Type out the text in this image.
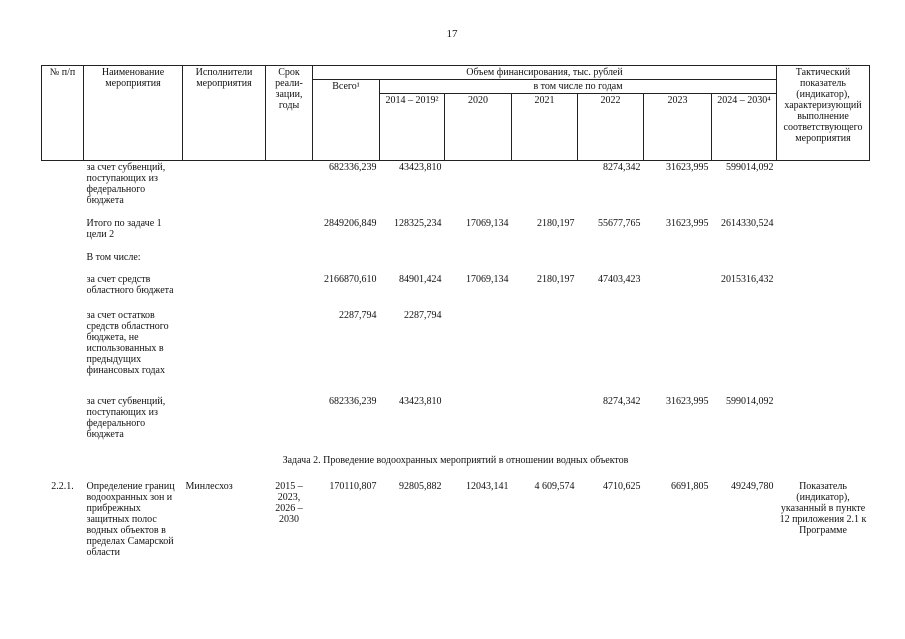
17
№ п/п	Наименование мероприятия	Исполнители мероприятия	Срок реали- зации, годы	Объем финансирования, тыс. рублей							Тактический показатель (индикатор), характеризующий выполнение соответствующего мероприятия
				Всего¹	в том числе по годам						
					2014 – 2019²	2020	2021	2022	2023	2024 – 2030⁴	
	за счет субвенций, поступающих из федерального бюджета			682336,239	43423,810			8274,342	31623,995	599014,092	
	Итого по задаче 1 цели 2			2849206,849	128325,234	17069,134	2180,197	55677,765	31623,995	2614330,524	
	В том числе:										
	за счет средств областного бюджета			2166870,610	84901,424	17069,134	2180,197	47403,423		2015316,432	
	за счет остатков средств областного бюджета, не использованных в предыдущих финансовых годах			2287,794	2287,794						
	за счет субвенций, поступающих из федерального бюджета			682336,239	43423,810			8274,342	31623,995	599014,092	
Задача 2. Проведение водоохранных мероприятий в отношении водных объектов											
2.2.1.	Определение границ водоохранных зон и прибрежных защитных полос водных объектов в пределах Самарской области	Минлесхоз	2015 – 2023, 2026 – 2030	170110,807	92805,882	12043,141	4 609,574	4710,625	6691,805	49249,780	Показатель (индикатор), указанный в пункте 12 приложения 2.1 к Программе
